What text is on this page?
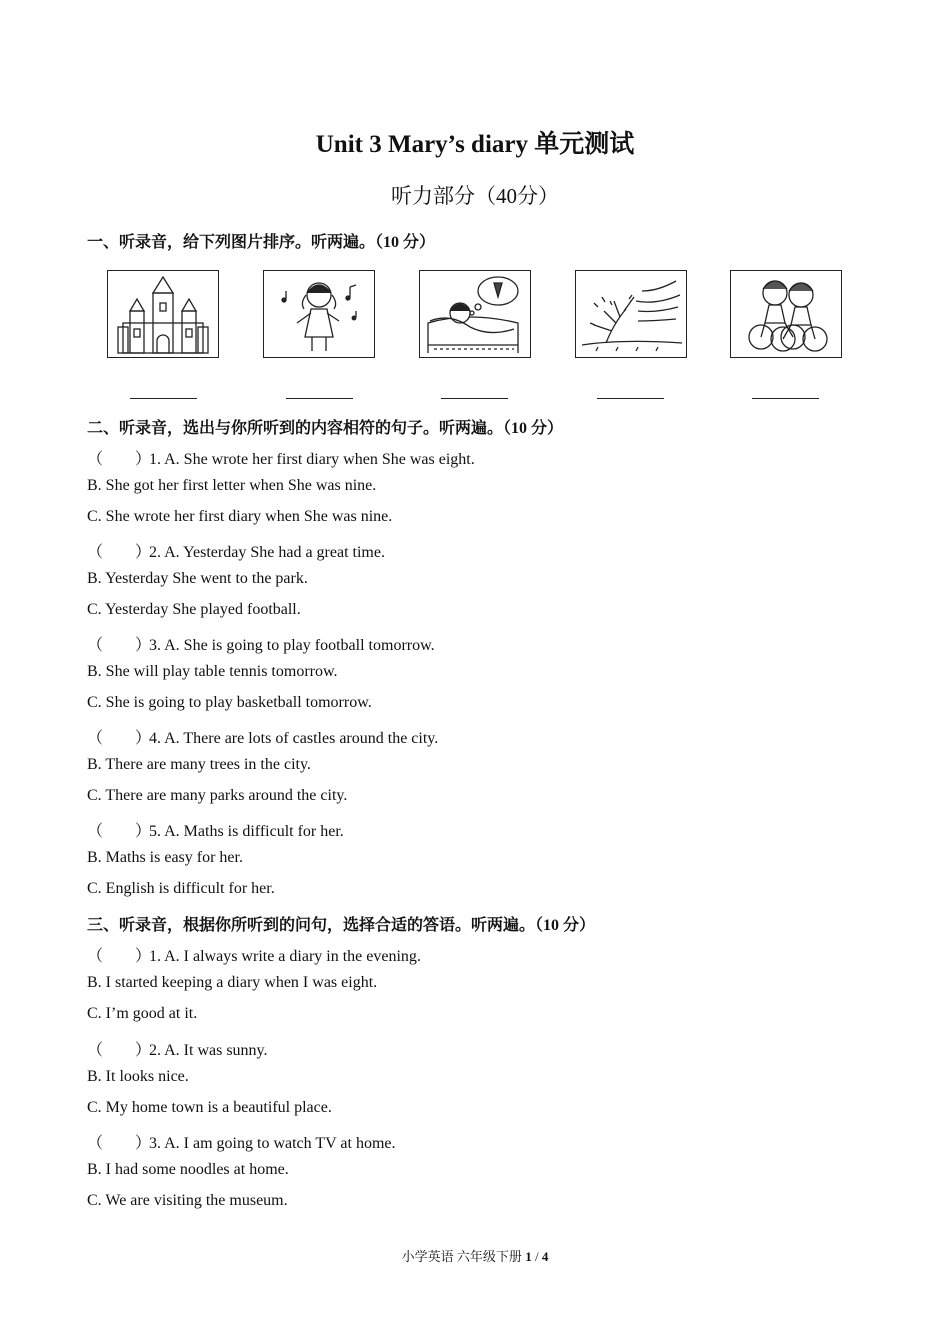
Unit 3 Mary’s diary 单元测试
听力部分（40分）
一、听录音，给下列图片排序。听两遍。（10 分）
二、听录音，选出与你所听到的内容相符的句子。听两遍。（10 分）
（        ）1. A. She wrote her first diary when She was eight.
B. She got her first letter when She was nine.
C. She wrote her first diary when She was nine.
（        ）2. A. Yesterday She had a great time.
B. Yesterday She went to the park.
C. Yesterday She played football.
（        ）3. A. She is going to play football tomorrow.
B. She will play table tennis tomorrow.
C. She is going to play basketball tomorrow.
（        ）4. A. There are lots of castles around the city.
B. There are many trees in the city.
C. There are many parks around the city.
（        ）5. A. Maths is difficult for her.
B. Maths is easy for her.
C. English is difficult for her.
三、听录音，根据你所听到的问句，选择合适的答语。听两遍。（10 分）
（        ）1. A. I always write a diary in the evening.
B. I started keeping a diary when I was eight.
C. I’m good at it.
（        ）2. A. It was sunny.
B. It looks nice.
C. My home town is a beautiful place.
（        ）3. A. I am going to watch TV at home.
B. I had some noodles at home.
C. We are visiting the museum.
小学英语 六年级下册 1 / 4
